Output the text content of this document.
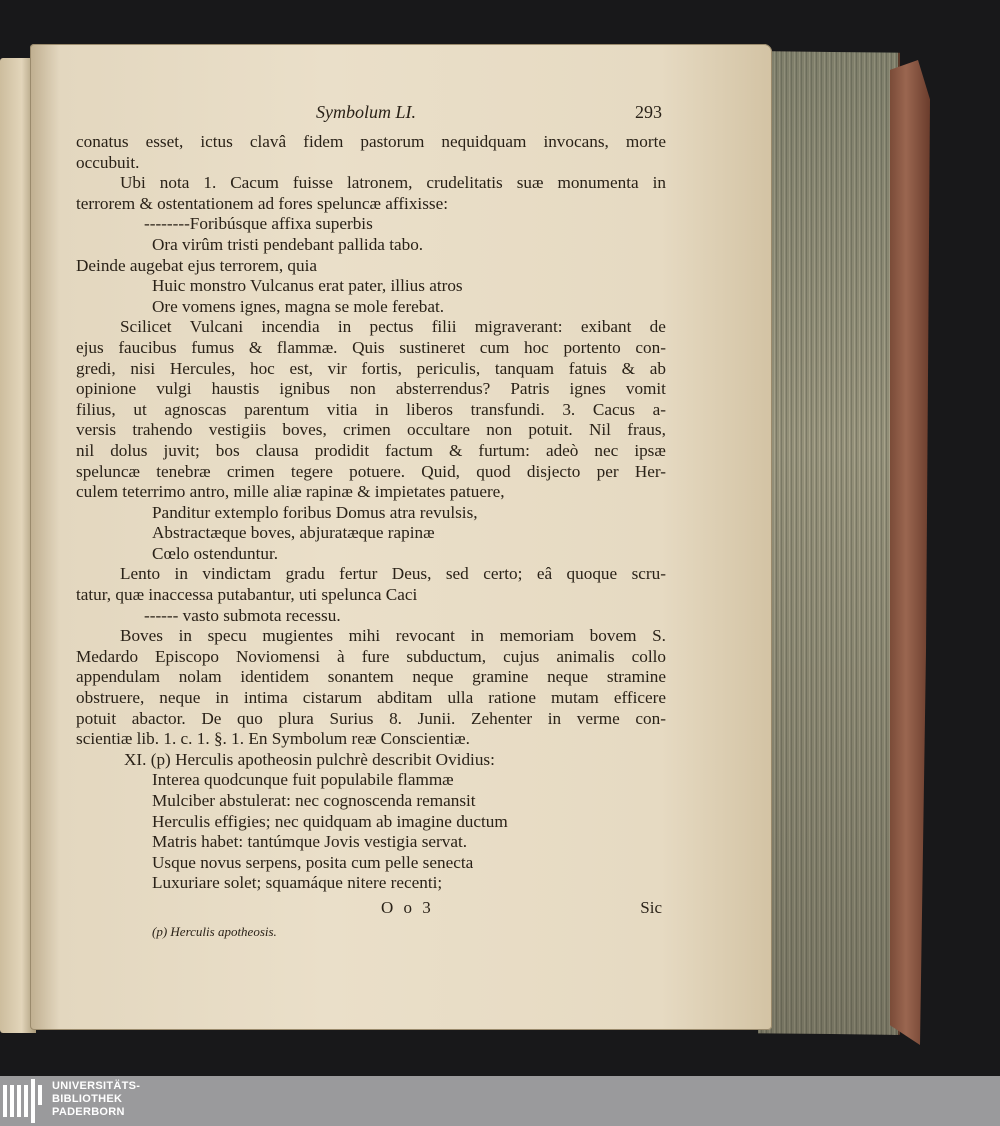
Symbolum LI.	293
conatus esset, ictus clavâ fidem pastorum nequidquam invocans, morte
occubuit.
Ubi nota 1. Cacum fuisse latronem, crudelitatis suæ monumenta in
terrorem & ostentationem ad fores speluncæ affixisse:
--------Foribúsque affixa superbis
Ora virûm tristi pendebant pallida tabo.
Deinde augebat ejus terrorem, quia
Huic monstro Vulcanus erat pater, illius atros
Ore vomens ignes, magna se mole ferebat.
Scilicet Vulcani incendia in pectus filii migraverant: exibant de
ejus faucibus fumus & flammæ. Quis sustineret cum hoc portento con-
gredi, nisi Hercules, hoc est, vir fortis, periculis, tanquam fatuis & ab
opinione vulgi haustis ignibus non absterrendus? Patris ignes vomit
filius, ut agnoscas parentum vitia in liberos transfundi. 3. Cacus a-
versis trahendo vestigiis boves, crimen occultare non potuit. Nil fraus,
nil dolus juvit; bos clausa prodidit factum & furtum: adeò nec ipsæ
speluncæ tenebræ crimen tegere potuere. Quid, quod disjecto per Her-
culem teterrimo antro, mille aliæ rapinæ & impietates patuere,
Panditur extemplo foribus Domus atra revulsis,
Abstractæque boves, abjuratæque rapinæ
Cœlo ostenduntur.
Lento in vindictam gradu fertur Deus, sed certo; eâ quoque scru-
tatur, quæ inaccessa putabantur, uti spelunca Caci
------ vasto submota recessu.
Boves in specu mugientes mihi revocant in memoriam bovem S.
Medardo Episcopo Noviomensi à fure subductum, cujus animalis collo
appendulam nolam identidem sonantem neque gramine neque stramine
obstruere, neque in intima cistarum abditam ulla ratione mutam efficere
potuit abactor. De quo plura Surius 8. Junii. Zehenter in verme con-
scientiæ lib. 1. c. 1. §. 1. En Symbolum reæ Conscientiæ.
XI. (p) Herculis apotheosin pulchrè describit Ovidius:
Interea quodcunque fuit populabile flammæ
Mulciber abstulerat: nec cognoscenda remansit
Herculis effigies; nec quidquam ab imagine ductum
Matris habet: tantúmque Jovis vestigia servat.
Usque novus serpens, posita cum pelle senecta
Luxuriare solet; squamáque nitere recenti;
O o 3	Sic
(p) Herculis apotheosis.
UNIVERSITÄTS-
BIBLIOTHEK
PADERBORN
